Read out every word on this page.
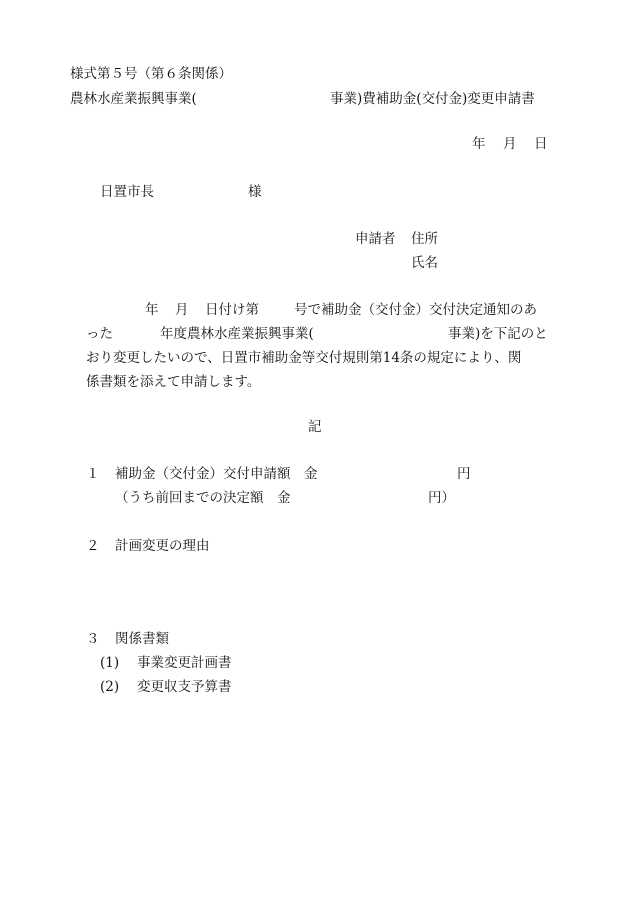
様式第５号（第６条関係）
農林水産業振興事業(	事業)費補助金(交付金)変更申請書
年　月　日
日置市長	様
申請者 住所
氏名
年 月 日付け第	号で補助金（交付金）交付決定通知のあ
った	年度農林水産業振興事業(	事業)を下記のと
おり変更したいので、日置市補助金等交付規則第14条の規定により、関
係書類を添えて申請します。
記
１ 補助金（交付金）交付申請額　金	円
（うち前回までの決定額　金	円）
２ 計画変更の理由
３ 関係書類
(1) 事業変更計画書
(2) 変更収支予算書
